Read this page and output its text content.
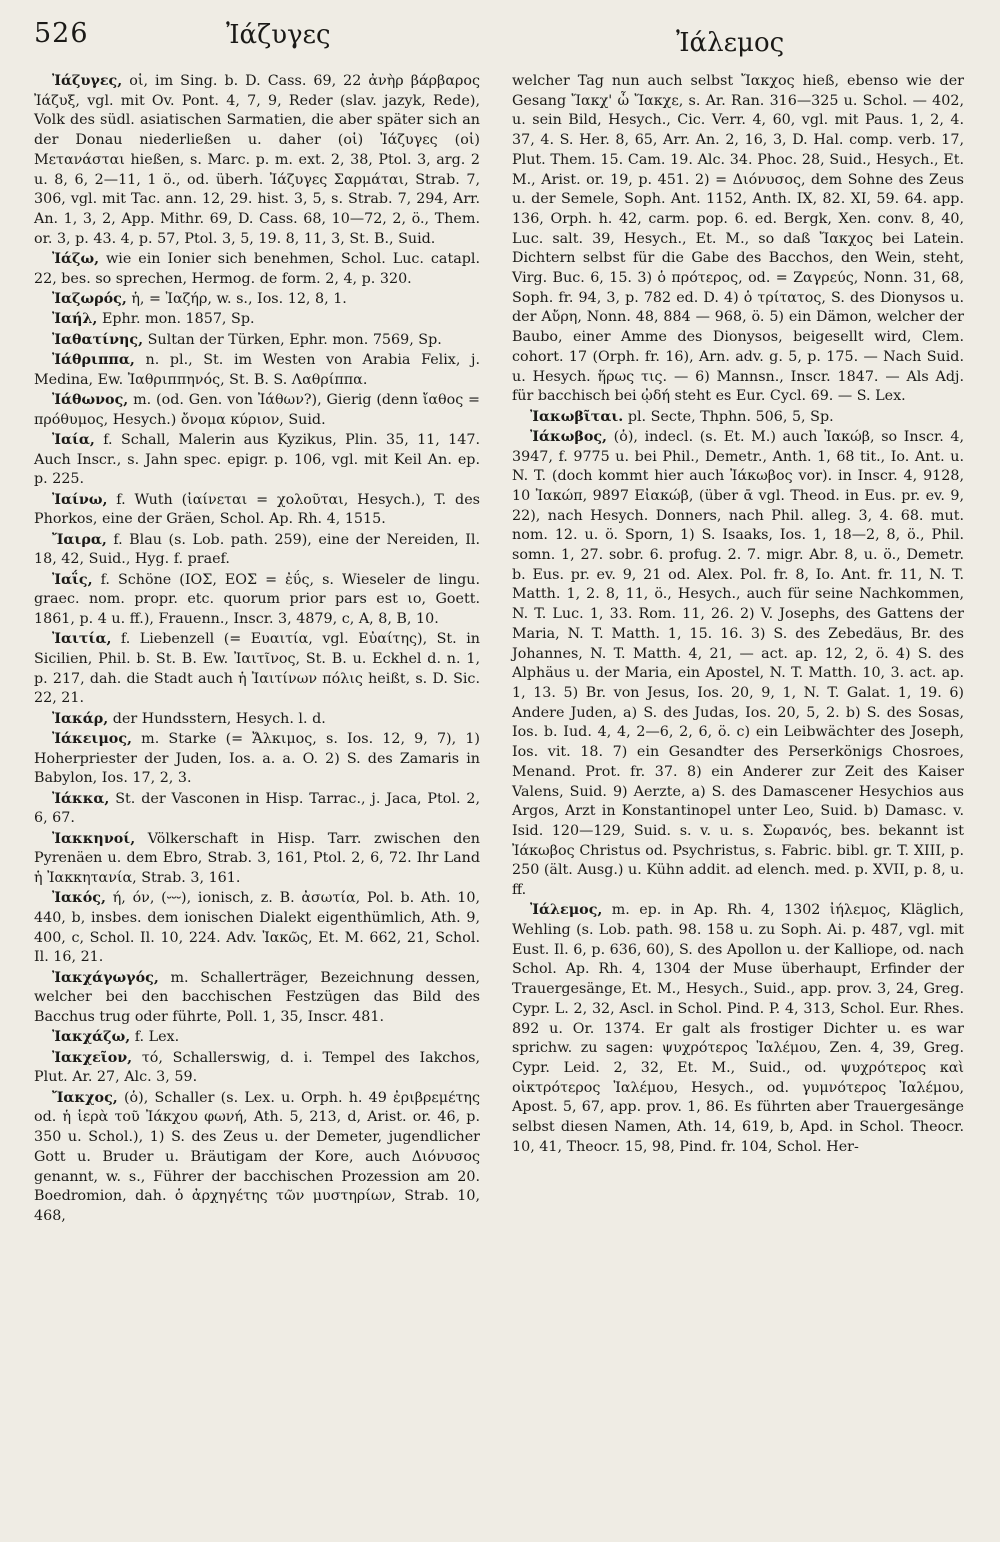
526	Ἰάζυγες	Ἰάλεμος

Ἰάζυγες, οἱ, im Sing. b. D. Cass. 69, 22 ἀνὴρ βάρβαρος Ἰάζυξ, vgl. mit Ov. Pont. 4, 7, 9, Reder (slav. jazyk, Rede), Volk des südl. asiatischen Sarmatien, die aber später sich an der Donau niederließen u. daher (οἱ) Ἰάζυγες (οἱ) Μετανάσται hießen, s. Marc. p. m. ext. 2, 38, Ptol. 3, arg. 2 u. 8, 6, 2—11, 1 ö., od. überh. Ἰάζυγες Σαρμάται, Strab. 7, 306, vgl. mit Tac. ann. 12, 29. hist. 3, 5, s. Strab. 7, 294, Arr. An. 1, 3, 2, App. Mithr. 69, D. Cass. 68, 10—72, 2, ö., Them. or. 3, p. 43. 4, p. 57, Ptol. 3, 5, 19. 8, 11, 3, St. B., Suid.

Ἰάζω, wie ein Ionier sich benehmen, Schol. Luc. catapl. 22, bes. so sprechen, Hermog. de form. 2, 4, p. 320.

Ἰαζωρός, ἡ, = Ἰαζήρ, w. s., Ios. 12, 8, 1.

Ἰαήλ, Ephr. mon. 1857, Sp.

Ἰαθατίνης, Sultan der Türken, Ephr. mon. 7569, Sp.

Ἰάθριππα, n. pl., St. im Westen von Arabia Felix, j. Medina, Ew. Ἰαθριππηνός, St. B. S. Λαθρίππα.

Ἰάθωνος, m. (od. Gen. von Ἰάθων?), Gierig (denn ἴαθος = πρόθυμος, Hesych.) ὄνομα κύριον, Suid.

Ἰαία, f. Schall, Malerin aus Kyzikus, Plin. 35, 11, 147. Auch Inscr., s. Jahn spec. epigr. p. 106, vgl. mit Keil An. ep. p. 225.

Ἰαίνω, f. Wuth (ἰαίνεται = χολοῦται, Hesych.), T. des Phorkos, eine der Gräen, Schol. Ap. Rh. 4, 1515.

Ἴαιρα, f. Blau (s. Lob. path. 259), eine der Nereiden, Il. 18, 42, Suid., Hyg. f. praef.

Ἰαΐς, f. Schöne (ΙΟΣ, ΕΟΣ = ἐΰς, s. Wieseler de lingu. graec. nom. propr. etc. quorum prior pars est ιο, Goett. 1861, p. 4 u. ff.), Frauenn., Inscr. 3, 4879, c, A, 8, B, 10.

Ἰαιτία, f. Liebenzell (= Ευαιτία, vgl. Εὐαίτης), St. in Sicilien, Phil. b. St. B. Ew. Ἰαιτῖνος, St. B. u. Eckhel d. n. 1, p. 217, dah. die Stadt auch ἡ Ἰαιτίνων πόλις heißt, s. D. Sic. 22, 21.

Ἰακάρ, der Hundsstern, Hesych. l. d.

Ἰάκειμος, m. Starke (= Ἄλκιμος, s. Ios. 12, 9, 7), 1) Hoherpriester der Juden, Ios. a. a. O. 2) S. des Zamaris in Babylon, Ios. 17, 2, 3.

Ἰάκκα, St. der Vasconen in Hisp. Tarrac., j. Jaca, Ptol. 2, 6, 67.

Ἰακκηνοί, Völkerschaft in Hisp. Tarr. zwischen den Pyrenäen u. dem Ebro, Strab. 3, 161, Ptol. 2, 6, 72. Ihr Land ἡ Ἰακκητανία, Strab. 3, 161.

Ἰακός, ή, όν, (⏑⏑⏑), ionisch, z. B. ἀσωτία, Pol. b. Ath. 10, 440, b, insbes. dem ionischen Dialekt eigenthümlich, Ath. 9, 400, c, Schol. Il. 10, 224. Adv. Ἰακῶς, Et. M. 662, 21, Schol. Il. 16, 21.

Ἰακχάγωγός, m. Schallerträger, Bezeichnung dessen, welcher bei den bacchischen Festzügen das Bild des Bacchus trug oder führte, Poll. 1, 35, Inscr. 481.

Ἰακχάζω, f. Lex.

Ἰακχεῖον, τό, Schallerswig, d. i. Tempel des Iakchos, Plut. Ar. 27, Alc. 3, 59.

Ἴακχος, (ὁ), Schaller (s. Lex. u. Orph. h. 49 ἐριβρεμέτης od. ἡ ἱερὰ τοῦ Ἰάκχου φωνή, Ath. 5, 213, d, Arist. or. 46, p. 350 u. Schol.), 1) S. des Zeus u. der Demeter, jugendlicher Gott u. Bruder u. Bräutigam der Kore, auch Διόνυσος genannt, w. s., Führer der bacchischen Prozession am 20. Boedromion, dah. ὁ ἀρχηγέτης τῶν μυστηρίων, Strab. 10, 468,

welcher Tag nun auch selbst Ἴακχος hieß, ebenso wie der Gesang Ἴακχ' ὦ Ἴακχε, s. Ar. Ran. 316—325 u. Schol. — 402, u. sein Bild, Hesych., Cic. Verr. 4, 60, vgl. mit Paus. 1, 2, 4. 37, 4. S. Her. 8, 65, Arr. An. 2, 16, 3, D. Hal. comp. verb. 17, Plut. Them. 15. Cam. 19. Alc. 34. Phoc. 28, Suid., Hesych., Et. M., Arist. or. 19, p. 451. 2) = Διόνυσος, dem Sohne des Zeus u. der Semele, Soph. Ant. 1152, Anth. IX, 82. XI, 59. 64. app. 136, Orph. h. 42, carm. pop. 6. ed. Bergk, Xen. conv. 8, 40, Luc. salt. 39, Hesych., Et. M., so daß Ἴακχος bei Latein. Dichtern selbst für die Gabe des Bacchos, den Wein, steht, Virg. Buc. 6, 15. 3) ὁ πρότερος, od. = Ζαγρεύς, Nonn. 31, 68, Soph. fr. 94, 3, p. 782 ed. D. 4) ὁ τρίτατος, S. des Dionysos u. der Αὔρη, Nonn. 48, 884 — 968, ö. 5) ein Dämon, welcher der Baubo, einer Amme des Dionysos, beigesellt wird, Clem. cohort. 17 (Orph. fr. 16), Arn. adv. g. 5, p. 175. — Nach Suid. u. Hesych. ἥρως τις. — 6) Mannsn., Inscr. 1847. — Als Adj. für bacchisch bei ᾠδή steht es Eur. Cycl. 69. — S. Lex.

Ἰακωβῖται. pl. Secte, Thphn. 506, 5, Sp.

Ἰάκωβος, (ὁ), indecl. (s. Et. M.) auch Ἰακώβ, so Inscr. 4, 3947, f. 9775 u. bei Phil., Demetr., Anth. 1, 68 tit., Io. Ant. u. N. T. (doch kommt hier auch Ἰάκωβος vor). in Inscr. 4, 9128, 10 Ἰακώπ, 9897 Εἰακώβ, (über ᾱ vgl. Theod. in Eus. pr. ev. 9, 22), nach Hesych. Donners, nach Phil. alleg. 3, 4. 68. mut. nom. 12. u. ö. Sporn, 1) S. Isaaks, Ios. 1, 18—2, 8, ö., Phil. somn. 1, 27. sobr. 6. profug. 2. 7. migr. Abr. 8, u. ö., Demetr. b. Eus. pr. ev. 9, 21 od. Alex. Pol. fr. 8, Io. Ant. fr. 11, N. T. Matth. 1, 2. 8, 11, ö., Hesych., auch für seine Nachkommen, N. T. Luc. 1, 33. Rom. 11, 26. 2) V. Josephs, des Gattens der Maria, N. T. Matth. 1, 15. 16. 3) S. des Zebedäus, Br. des Johannes, N. T. Matth. 4, 21, — act. ap. 12, 2, ö. 4) S. des Alphäus u. der Maria, ein Apostel, N. T. Matth. 10, 3. act. ap. 1, 13. 5) Br. von Jesus, Ios. 20, 9, 1, N. T. Galat. 1, 19. 6) Andere Juden, a) S. des Judas, Ios. 20, 5, 2. b) S. des Sosas, Ios. b. Iud. 4, 4, 2—6, 2, 6, ö. c) ein Leibwächter des Joseph, Ios. vit. 18. 7) ein Gesandter des Perserkönigs Chosroes, Menand. Prot. fr. 37. 8) ein Anderer zur Zeit des Kaiser Valens, Suid. 9) Aerzte, a) S. des Damascener Hesychios aus Argos, Arzt in Konstantinopel unter Leo, Suid. b) Damasc. v. Isid. 120—129, Suid. s. v. u. s. Σωρανός, bes. bekannt ist Ἰάκωβος Christus od. Psychristus, s. Fabric. bibl. gr. T. XIII, p. 250 (ält. Ausg.) u. Kühn addit. ad elench. med. p. XVII, p. 8, u. ff.

Ἰάλεμος, m. ep. in Ap. Rh. 4, 1302 ἰήλεμος, Kläglich, Wehling (s. Lob. path. 98. 158 u. zu Soph. Ai. p. 487, vgl. mit Eust. Il. 6, p. 636, 60), S. des Apollon u. der Kalliope, od. nach Schol. Ap. Rh. 4, 1304 der Muse überhaupt, Erfinder der Trauergesänge, Et. M., Hesych., Suid., app. prov. 3, 24, Greg. Cypr. L. 2, 32, Ascl. in Schol. Pind. P. 4, 313, Schol. Eur. Rhes. 892 u. Or. 1374. Er galt als frostiger Dichter u. es war sprichw. zu sagen: ψυχρότερος Ἰαλέμου, Zen. 4, 39, Greg. Cypr. Leid. 2, 32, Et. M., Suid., od. ψυχρότερος καὶ οἰκτρότερος Ἰαλέμου, Hesych., od. γυμνότερος Ἰαλέμου, Apost. 5, 67, app. prov. 1, 86. Es führten aber Trauergesänge selbst diesen Namen, Ath. 14, 619, b, Apd. in Schol. Theocr. 10, 41, Theocr. 15, 98, Pind. fr. 104, Schol. Her-
